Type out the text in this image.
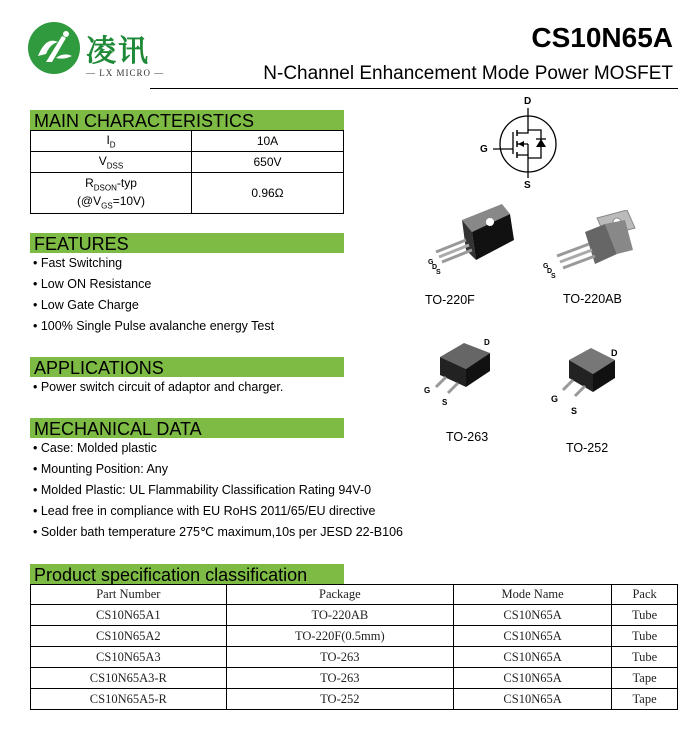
凌讯
— LX MICRO —
CS10N65A
N-Channel Enhancement Mode Power MOSFET
MAIN CHARACTERISTICS
$I_D$	10A
$V_{DSS}$	650V

$R_{DSON}$-typ
$(@V_{GS}=10V)$	0.96Ω
FEATURES
• Fast Switching
• Low ON Resistance
• Low Gate Charge
• 100% Single Pulse avalanche energy Test
APPLICATIONS
• Power switch circuit of adaptor and charger.
MECHANICAL DATA
• Case: Molded plastic
• Mounting Position: Any
• Molded Plastic: UL Flammability Classification Rating 94V-0
• Lead free in compliance with EU RoHS 2011/65/EU directive
• Solder bath temperature 275℃ maximum,10s per JESD 22-B106
D
G
S
G
D
S
TO-220F
G
D
S
TO-220AB
D
G
S
TO-263
D
G
S
TO-252
Product specification classification
Part Number	Package	Mode Name	Pack
CS10N65A1	TO-220AB	CS10N65A	Tube
CS10N65A2	TO-220F(0.5mm)	CS10N65A	Tube
CS10N65A3	TO-263	CS10N65A	Tube
CS10N65A3-R	TO-263	CS10N65A	Tape
CS10N65A5-R	TO-252	CS10N65A	Tape
